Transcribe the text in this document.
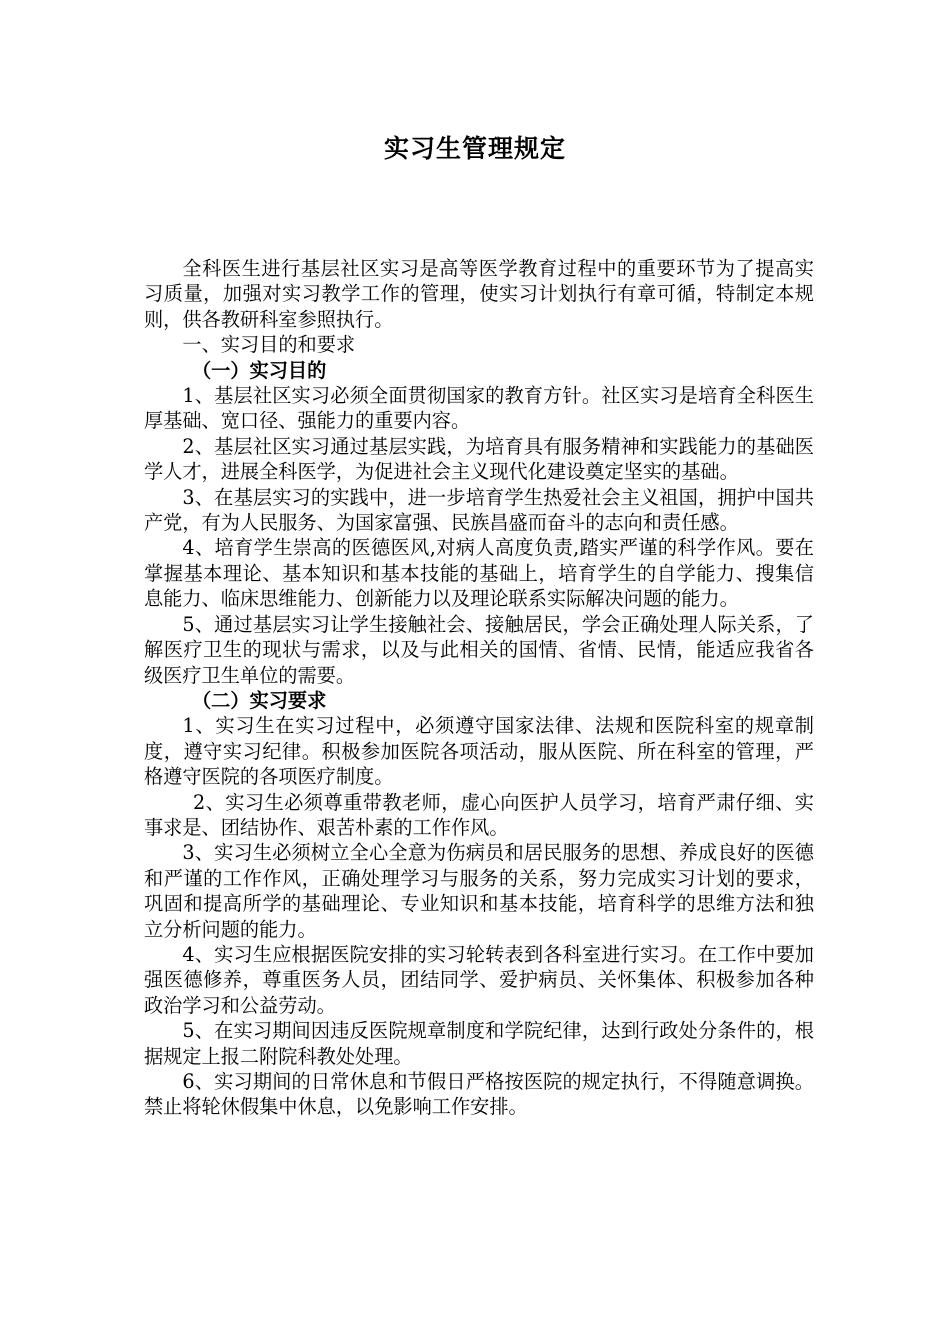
实习生管理规定

全科医生进行基层社区实习是高等医学教育过程中的重要环节为了提高实习质量，加强对实习教学工作的管理，使实习计划执行有章可循，特制定本规则，供各教研科室参照执行。

一、实习目的和要求

（一）实习目的

1、基层社区实习必须全面贯彻国家的教育方针。社区实习是培育全科医生厚基础、宽口径、强能力的重要内容。

2、基层社区实习通过基层实践，为培育具有服务精神和实践能力的基础医学人才，进展全科医学，为促进社会主义现代化建设奠定坚实的基础。

3、在基层实习的实践中，进一步培育学生热爱社会主义祖国，拥护中国共产党，有为人民服务、为国家富强、民族昌盛而奋斗的志向和责任感。

4、培育学生崇高的医德医风,对病人高度负责,踏实严谨的科学作风。要在掌握基本理论、基本知识和基本技能的基础上，培育学生的自学能力、搜集信息能力、临床思维能力、创新能力以及理论联系实际解决问题的能力。

5、通过基层实习让学生接触社会、接触居民，学会正确处理人际关系，了解医疗卫生的现状与需求，以及与此相关的国情、省情、民情，能适应我省各级医疗卫生单位的需要。

（二）实习要求

1、实习生在实习过程中，必须遵守国家法律、法规和医院科室的规章制度，遵守实习纪律。积极参加医院各项活动，服从医院、所在科室的管理，严格遵守医院的各项医疗制度。

2、实习生必须尊重带教老师，虚心向医护人员学习，培育严肃仔细、实事求是、团结协作、艰苦朴素的工作作风。

3、实习生必须树立全心全意为伤病员和居民服务的思想、养成良好的医德和严谨的工作作风，正确处理学习与服务的关系，努力完成实习计划的要求，巩固和提高所学的基础理论、专业知识和基本技能，培育科学的思维方法和独立分析问题的能力。

4、实习生应根据医院安排的实习轮转表到各科室进行实习。在工作中要加强医德修养，尊重医务人员，团结同学、爱护病员、关怀集体、积极参加各种政治学习和公益劳动。

5、在实习期间因违反医院规章制度和学院纪律，达到行政处分条件的，根据规定上报二附院科教处处理。

6、实习期间的日常休息和节假日严格按医院的规定执行，不得随意调换。禁止将轮休假集中休息，以免影响工作安排。
